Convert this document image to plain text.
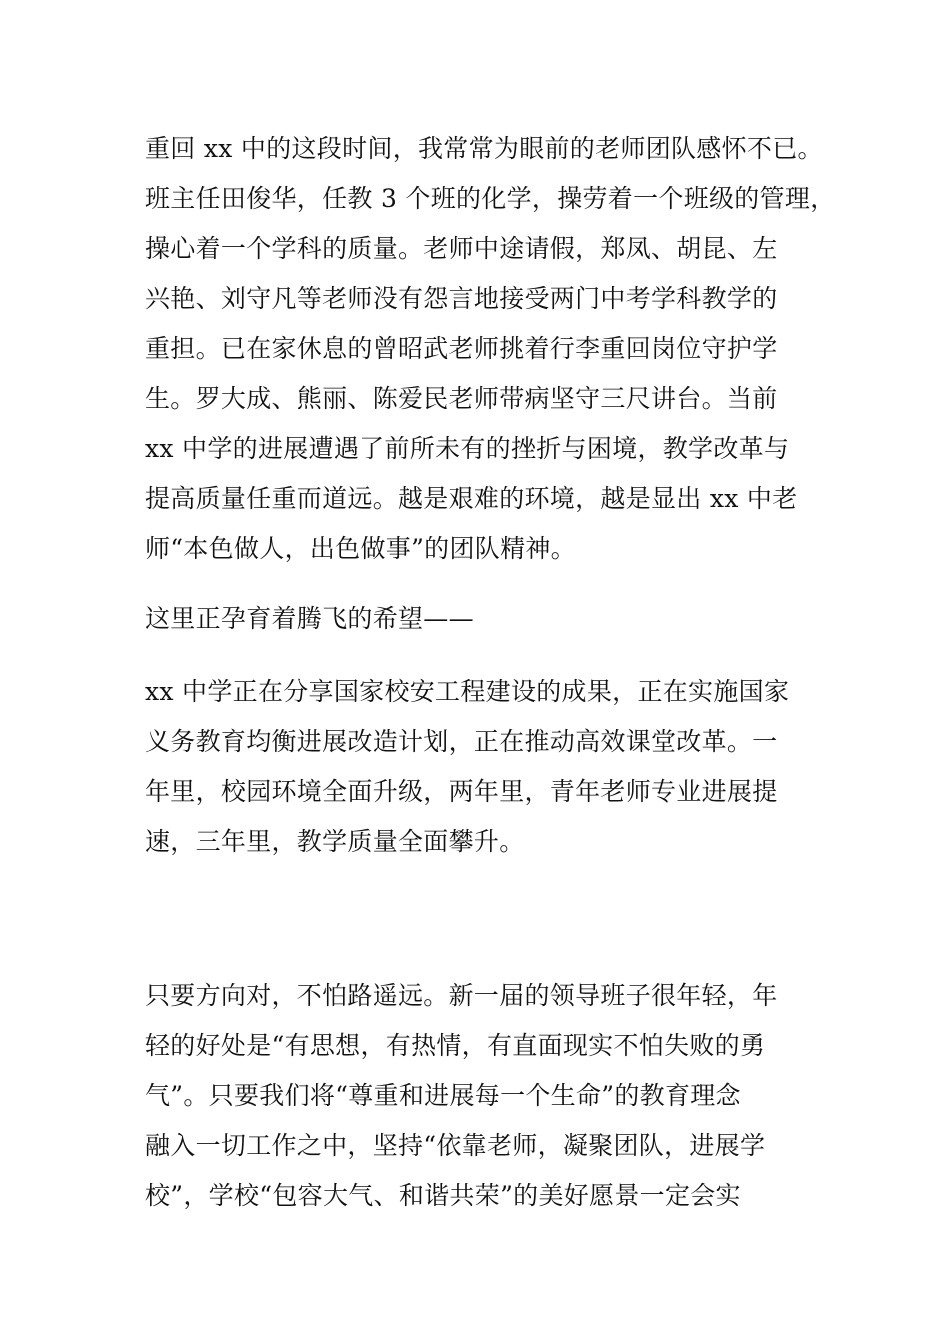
重回 xx 中的这段时间，我常常为眼前的老师团队感怀不已。
班主任田俊华，任教 3 个班的化学，操劳着一个班级的管理，
操心着一个学科的质量。老师中途请假，郑凤、胡昆、左
兴艳、刘守凡等老师没有怨言地接受两门中考学科教学的
重担。已在家休息的曾昭武老师挑着行李重回岗位守护学
生。罗大成、熊丽、陈爱民老师带病坚守三尺讲台。当前
xx 中学的进展遭遇了前所未有的挫折与困境，教学改革与
提高质量任重而道远。越是艰难的环境，越是显出 xx 中老
师“本色做人，出色做事”的团队精神。
这里正孕育着腾飞的希望——
xx 中学正在分享国家校安工程建设的成果，正在实施国家
义务教育均衡进展改造计划，正在推动高效课堂改革。一
年里，校园环境全面升级，两年里，青年老师专业进展提
速，三年里，教学质量全面攀升。
只要方向对，不怕路遥远。新一届的领导班子很年轻，年
轻的好处是“有思想，有热情，有直面现实不怕失败的勇
气”。只要我们将“尊重和进展每一个生命”的教育理念
融入一切工作之中，坚持“依靠老师，凝聚团队，进展学
校”，学校“包容大气、和谐共荣”的美好愿景一定会实
